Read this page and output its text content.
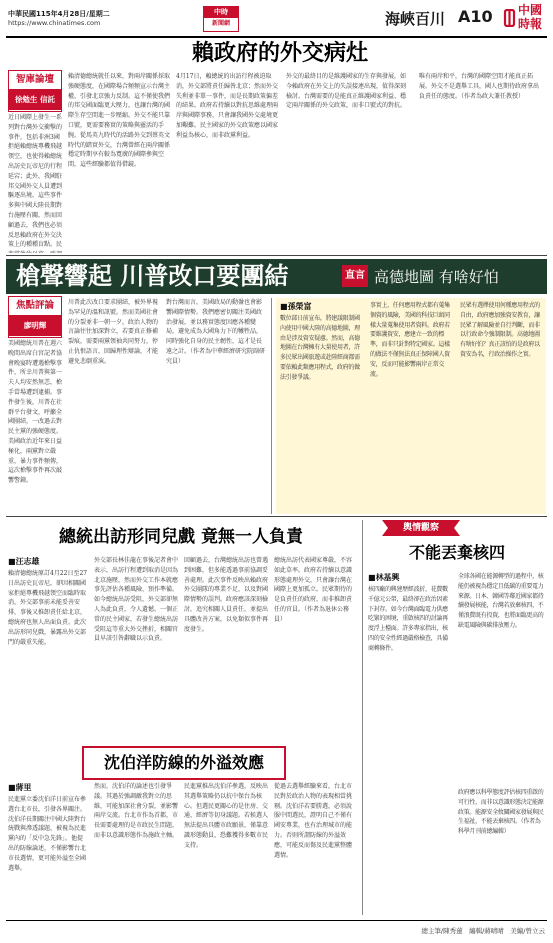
中華民國115年4月28日/星期二
https://www.chinatimes.com
中時
新聞網	海峽百川 A10 中國
時報
賴政府的外交病灶
智庫論壇
徐勉生 信託
近日國際上發生一系列對台灣外交衝擊的事件，包括非洲3國拒絕賴總統專機飛越領空，也使得賴總統出訪史瓦帝尼的行程延宕；此外，我國駐邦交國外交人員遭到驅逐出境。這些事件多與中國大陸長期對台施壓有關，然而回顧過去，我們也必須反思賴政府在外交決策上的種種盲點。民
賴清德總統就任以來，對兩岸關係採取強硬態度，在國際場合頻頻宣示台灣主權，引發北京強力反制。這不僅使我們的邦交國面臨更大壓力，也讓台灣的國際生存空間進一步壓縮。外交不能只靠口號，更需要務實的策略與靈活的手腕。從馬英九時代的活路外交到蔡英文時代的踏實外交，台灣曾經在兩岸關係穩定時期享有較為寬廣的國際參與空間，這些經驗都值得借鏡。
4月17日，賴總統的出訪行程被迫取消，外交部將責任歸咎北京；然而外交失利並非單一事件，而是長期政策偏差的結果。政府若持續以對抗思維處理兩岸與國際事務，只會讓我國外交處境更加艱難。民主國家的外交政策應以國家利益為核心，而非政黨利益。
外交的最終目的是維護國家的生存與發展，如今賴政府在外交上的失誤接連出現，值得深刻檢討。台灣需要的是能真正維護國家利益、穩定兩岸關係的外交政策，而非口號式的對抗。唯有兩岸和平，台灣的國際空間才能真正拓展。外交不是選舉工具，國人也期待政府拿出負責任的態度。（作者為政大兼任教授）
槍聲響起 川普改口要團結	直言 高德地圖 有啥好怕
焦點評論
廖明輝
美國總統川普在週六晚間出席白宮記者協會晚宴時遭遇槍擊事件，所幸川普與第一夫人均安然無恙，槍手當場遭到逮捕。事件發生後，川普在社群平台發文，呼籲全國團結，一改過去對民主黨的強硬態度。美國政治近年來日益極化，兩黨對立嚴重，暴力事件頻傳，這次槍擊事件再次敲響警鐘。
川普此次改口要求團結，被外界視為罕見的溫和訊號。然而美國社會的分裂並非一朝一夕，政治人物的言論往往加深對立，若要真正修補裂痕，需要兩黨領袖共同努力，停止仇恨語言，回歸理性辯論，才能避免悲劇重演。
對台灣而言，美國政局的動盪也會影響國際情勢。我們應密切關注美國政治發展，並以務實態度因應各種變局，避免成為大國角力下的犧牲品，同時強化自身的民主韌性，這才是長遠之計。（作者為中華經濟研究院副研究員）
■孫榮富
數位部日前宣布，將建議限制國內使用中國大陸的高德地圖，理由是涉及資安疑慮。然而，高德地圖在台灣擁有大量使用者，許多民眾出國旅遊或赴陸經商都需要依賴此類應用程式，政府的做法引發爭議。
事實上，任何應用程式都有蒐集個資的風險，美國的科技巨頭同樣大量蒐集使用者資料。政府若要維護資安，應建立一致的標準，而非只針對特定國家。這樣的做法不僅無法真正保障國人資安，反而可能影響兩岸正常交流。
民眾有選擇使用何種應用程式的自由，政府應加強資安教育，讓民眾了解風險並自行判斷，而非以行政命令強制限制。高德地圖有啥好怕？真正該怕的是政府以資安為名，行政治操作之實。
總統出訪形同兒戲 竟無一人負責
■汪志雄
賴清德總統原訂4月22日至27日出訪史瓦帝尼，卻因相關國家拒絕專機飛越領空而臨時取消，外交部事前未能妥善安排，事後又推卸責任給北京，總統府也無人出面負責。此次出訪形同兒戲，暴露出外交部門的嚴重失能。
外交部長林佳龍在事後記者會中表示，出訪行程遭到取消是因為北京施壓，然而外交工作本就應事先評估各種風險，預作準備。如今總統出訪受阻，外交部卻無人為此負責，令人遺憾。一個正常的民主國家，若發生總統出訪受阻這等重大外交挫折，相關官員早該引咎辭職以示負責。
回顧過去，台灣總統出訪也曾遇到困難，但多能透過事前協調妥善處理。此次事件反映出賴政府外交團隊的專業不足，以及對國際情勢的誤判。政府應該深刻檢討，追究相關人員責任，並提出具體改善方案，以免類似事件再度發生。
總統出訪代表國家尊嚴，不容如此草率。政府若持續以意識形態處理外交，只會讓台灣在國際上更加孤立。民眾期待的是負責任的政府，而非推卸責任的官員。（作者為退休公務員）
輿情觀察
不能丟棄核四
■林基興
核四廠的興建歷經波折，花費數千億元公帑，最終卻在政治因素下封存。如今台灣面臨電力供應吃緊的困境，重啟核四的討論再度浮上檯面。許多專家指出，核四的安全性經過嚴格檢查，具備商轉條件。
全球各國在能源轉型的過程中，核能仍被視為穩定且低碳的重要電力來源。日本、韓國等鄰近國家都持續發展核能，台灣若放棄核四，不僅浪費既有投資，也將面臨更高的缺電風險與碳排放壓力。
政府應以科學態度評估核四重啟的可行性，而非以意識形態決定能源政策。能源安全攸關國家發展與民生福祉，不能丟棄核四。（作者為科學月刊前總編輯）
沈伯洋防線的外溢效應
■蔣里
民進黨立委沈伯洋日前宣布參選台北市長，引發各界關注。沈伯洋長期關注中國大陸對台統戰與滲透議題，被視為民進黨內的「反中急先鋒」。他提出的防線論述，不僅影響台北市長選情，更可能外溢至全國選舉。
然而，沈伯洋的論述也引發爭議。其過於強調敵我對立的思維，可能加深社會分裂，並影響兩岸交流。台北市作為首都，市長需要處理的是市政民生問題，而非以意識形態作為施政主軸。
民進黨推出沈伯洋參選，反映出其選舉策略仍以抗中保台為核心。但選民更關心的是住房、交通、經濟等切身議題。若候選人無法提出具體市政願景，僅靠意識形態動員，恐難獲得多數市民支持。
從過去選舉經驗來看，台北市民對於政治人物的表現相當挑剔。沈伯洋若要勝選，必須說服中間選民，證明自己不僅有國安專業，也有治理城市的能力。否則所謂防線的外溢效應，可能反而傷及民進黨整體選情。
總主筆/陳秀蓮　編輯/蔣晴晴　美編/曾立云
